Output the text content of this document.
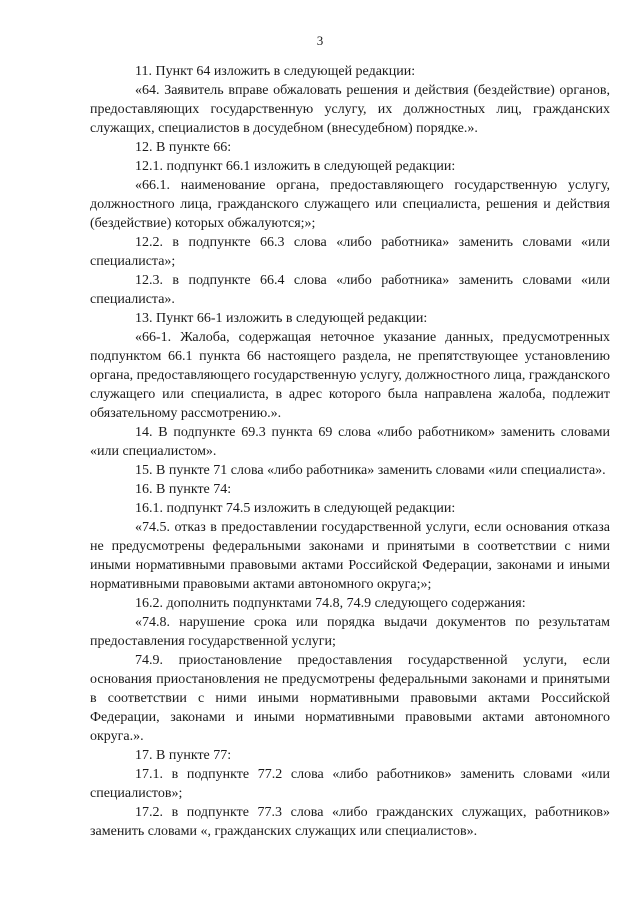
3

11. Пункт 64 изложить в следующей редакции:

«64. Заявитель вправе обжаловать решения и действия (бездействие) органов, предоставляющих государственную услугу, их должностных лиц, гражданских служащих, специалистов в досудебном (внесудебном) порядке.».

12. В пункте 66:

12.1. подпункт 66.1 изложить в следующей редакции:

«66.1. наименование органа, предоставляющего государственную услугу, должностного лица, гражданского служащего или специалиста, решения и действия (бездействие) которых обжалуются;»;

12.2. в подпункте 66.3 слова «либо работника» заменить словами «или специалиста»;

12.3. в подпункте 66.4 слова «либо работника» заменить словами «или специалиста».

13. Пункт 66-1 изложить в следующей редакции:

«66-1. Жалоба, содержащая неточное указание данных, предусмотренных подпунктом 66.1 пункта 66 настоящего раздела, не препятствующее установлению органа, предоставляющего государственную услугу, должностного лица, гражданского служащего или специалиста, в адрес которого была направлена жалоба, подлежит обязательному рассмотрению.».

14. В подпункте 69.3 пункта 69 слова «либо работником» заменить словами «или специалистом».

15. В пункте 71 слова «либо работника» заменить словами «или специалиста».

16. В пункте 74:

16.1. подпункт 74.5 изложить в следующей редакции:

«74.5. отказ в предоставлении государственной услуги, если основания отказа не предусмотрены федеральными законами и принятыми в соответствии с ними иными нормативными правовыми актами Российской Федерации, законами и иными нормативными правовыми актами автономного округа;»;

16.2. дополнить подпунктами 74.8, 74.9 следующего содержания:

«74.8. нарушение срока или порядка выдачи документов по результатам предоставления государственной услуги;

74.9. приостановление предоставления государственной услуги, если основания приостановления не предусмотрены федеральными законами и принятыми в соответствии с ними иными нормативными правовыми актами Российской Федерации, законами и иными нормативными правовыми актами автономного округа.».

17. В пункте 77:

17.1. в подпункте 77.2 слова «либо работников» заменить словами «или специалистов»;

17.2. в подпункте 77.3 слова «либо гражданских служащих, работников» заменить словами «, гражданских служащих или специалистов».
